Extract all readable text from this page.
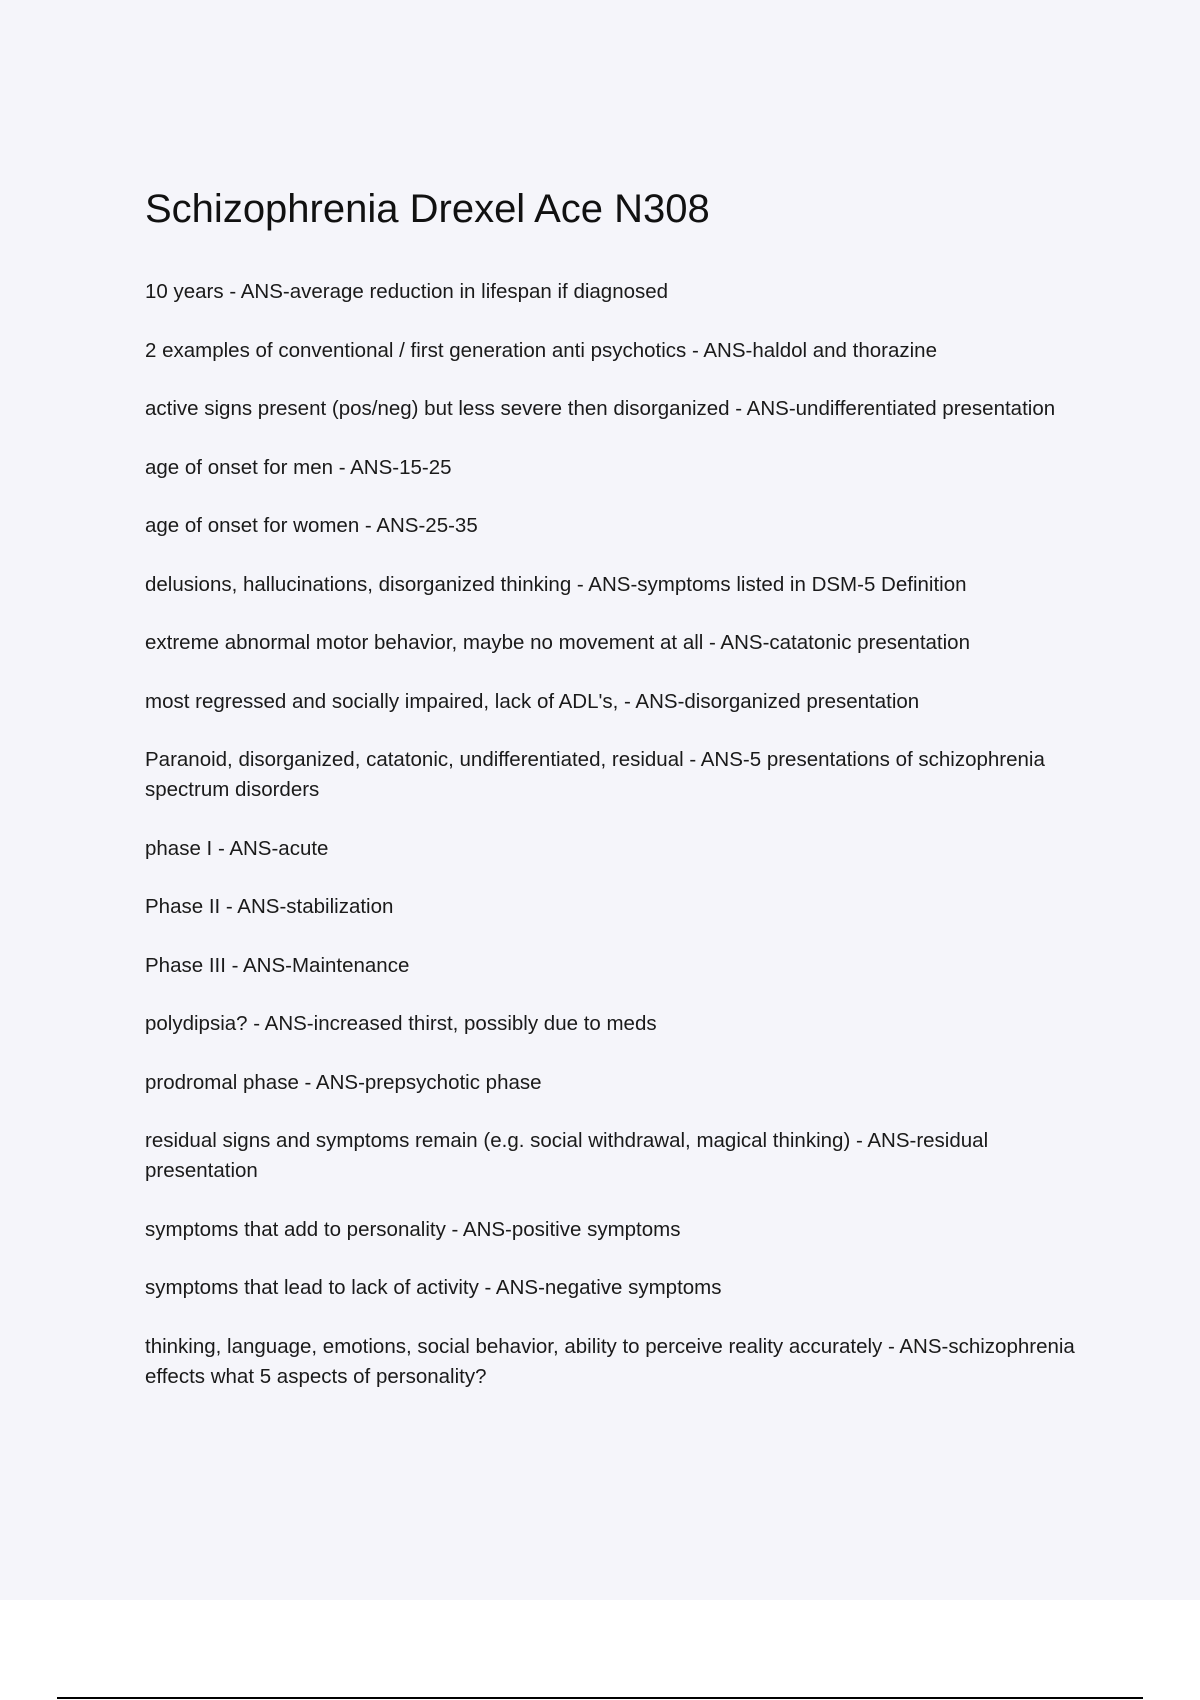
Schizophrenia Drexel Ace N308
10 years - ANS-average reduction in lifespan if diagnosed
2 examples of conventional / first generation anti psychotics - ANS-haldol and thorazine
active signs present (pos/neg) but less severe then disorganized - ANS-undifferentiated presentation
age of onset for men - ANS-15-25
age of onset for women - ANS-25-35
delusions, hallucinations, disorganized thinking - ANS-symptoms listed in DSM-5 Definition
extreme abnormal motor behavior, maybe no movement at all - ANS-catatonic presentation
most regressed and socially impaired, lack of ADL's, - ANS-disorganized presentation
Paranoid, disorganized, catatonic, undifferentiated, residual - ANS-5 presentations of schizophrenia spectrum disorders
phase I - ANS-acute
Phase II - ANS-stabilization
Phase III - ANS-Maintenance
polydipsia? - ANS-increased thirst, possibly due to meds
prodromal phase - ANS-prepsychotic phase
residual signs and symptoms remain (e.g. social withdrawal, magical thinking) - ANS-residual presentation
symptoms that add to personality - ANS-positive symptoms
symptoms that lead to lack of activity - ANS-negative symptoms
thinking, language, emotions, social behavior, ability to perceive reality accurately - ANS-schizophrenia effects what 5 aspects of personality?
